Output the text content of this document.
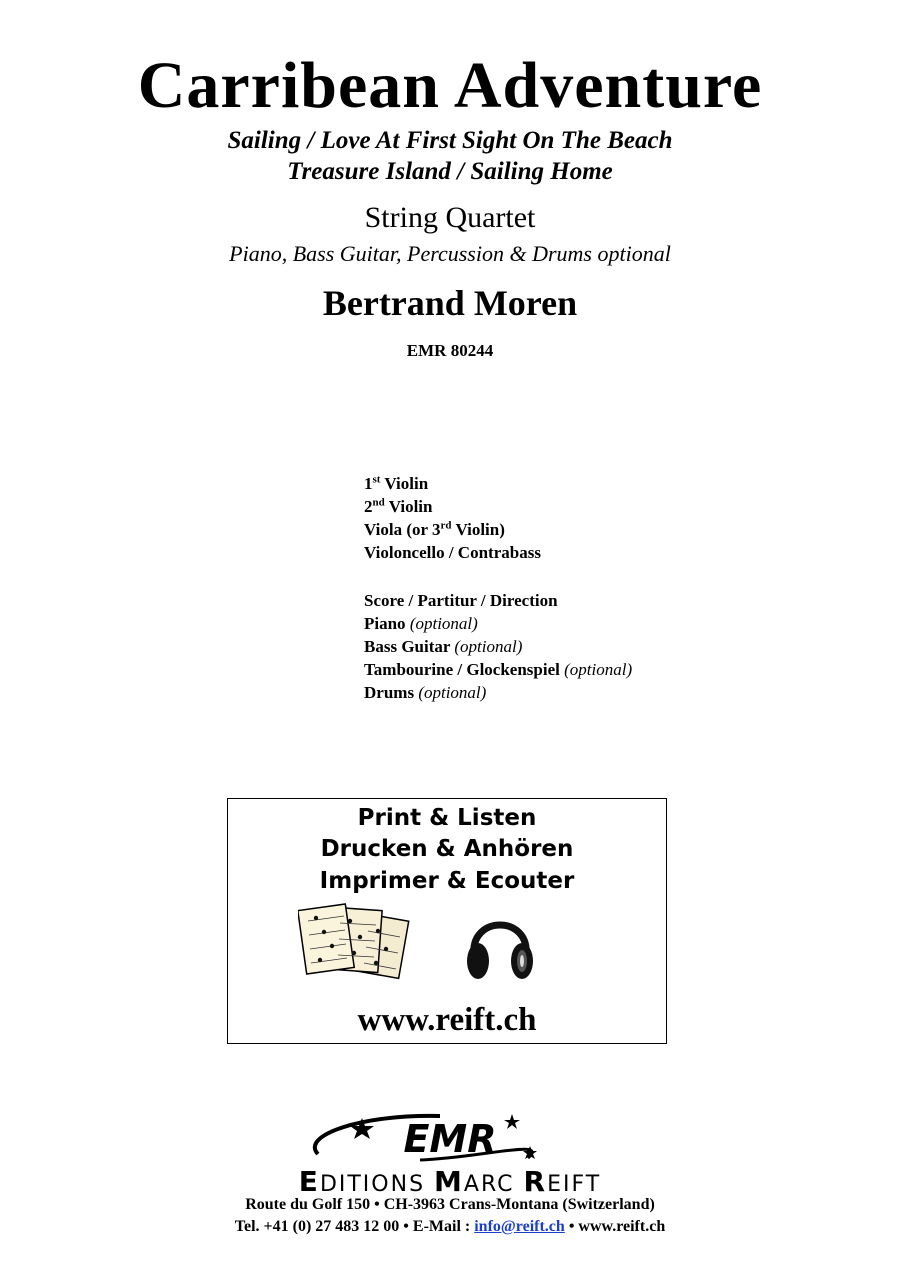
Carribean Adventure
Sailing / Love At First Sight On The Beach
Treasure Island / Sailing Home
String Quartet
Piano, Bass Guitar, Percussion & Drums optional
Bertrand Moren
EMR 80244
1st Violin
2nd Violin
Viola (or 3rd Violin)
Violoncello / Contrabass
Score / Partitur / Direction
Piano (optional)
Bass Guitar (optional)
Tambourine / Glockenspiel (optional)
Drums (optional)
Print & Listen
Drucken & Anhören
Imprimer & Ecouter
www.reift.ch
EMR
EDITIONS MARC REIFT
Route du Golf 150 • CH-3963 Crans-Montana (Switzerland)
Tel. +41 (0) 27 483 12 00 • E-Mail : info@reift.ch • www.reift.ch
